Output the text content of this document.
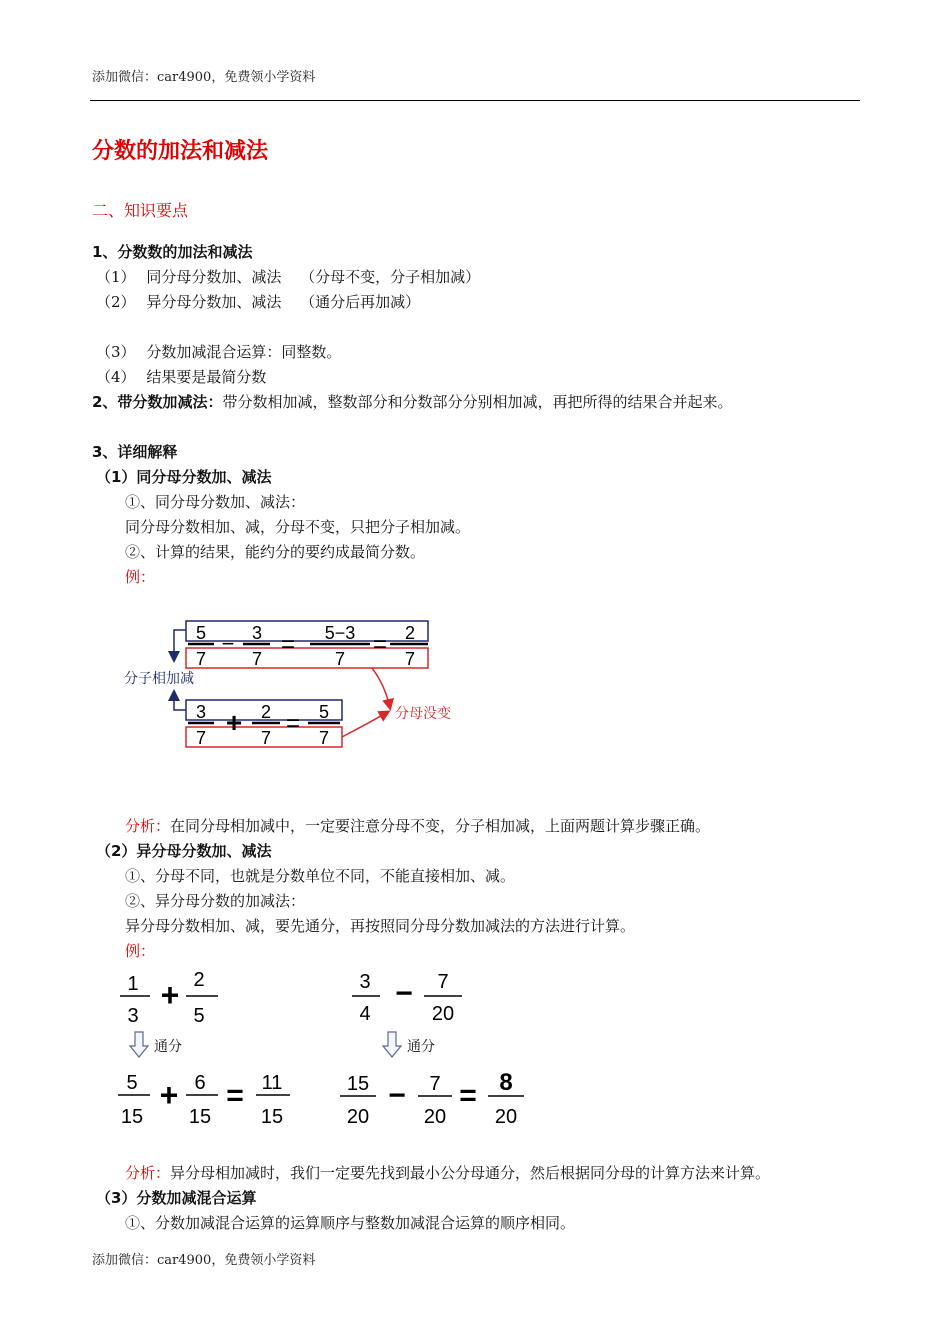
添加微信：car4900，免费领小学资料
分数的加法和减法
二、知识要点
1、分数数的加法和减法
（1） 同分母分数加、减法 （分母不变，分子相加减）
（2） 异分母分数加、减法 （通分后再加减）
（3） 分数加减混合运算：同整数。
（4） 结果要是最简分数
2、带分数加减法：带分数相加减，整数部分和分数部分分别相加减，再把所得的结果合并起来。
3、详细解释
（1）同分母分数加、减法
①、同分母分数加、减法：
同分母分数相加、减，分母不变，只把分子相加减。
②、计算的结果，能约分的要约成最简分数。
例：
5
7
− 3
7
= 5−3
7
= 2
7
3
7 + 2
7
= 5
7
分子相加减
分母没变
分析：在同分母相加减中，一定要注意分母不变，分子相加减，上面两题计算步骤正确。
（2）异分母分数加、减法
①、分母不同，也就是分数单位不同，不能直接相加、减。
②、异分母分数的加减法：
异分母分数相加、减，要先通分，再按照同分母分数加减法的方法进行计算。
例：
1
3
+ 2
5
通分
5
15
+ 6
15
= 11
15
3
4
− 7
20
通分
15
20
− 7
20
= 8
20
分析：异分母相加减时，我们一定要先找到最小公分母通分，然后根据同分母的计算方法来计算。
（3）分数加减混合运算
①、分数加减混合运算的运算顺序与整数加减混合运算的顺序相同。
添加微信：car4900，免费领小学资料
